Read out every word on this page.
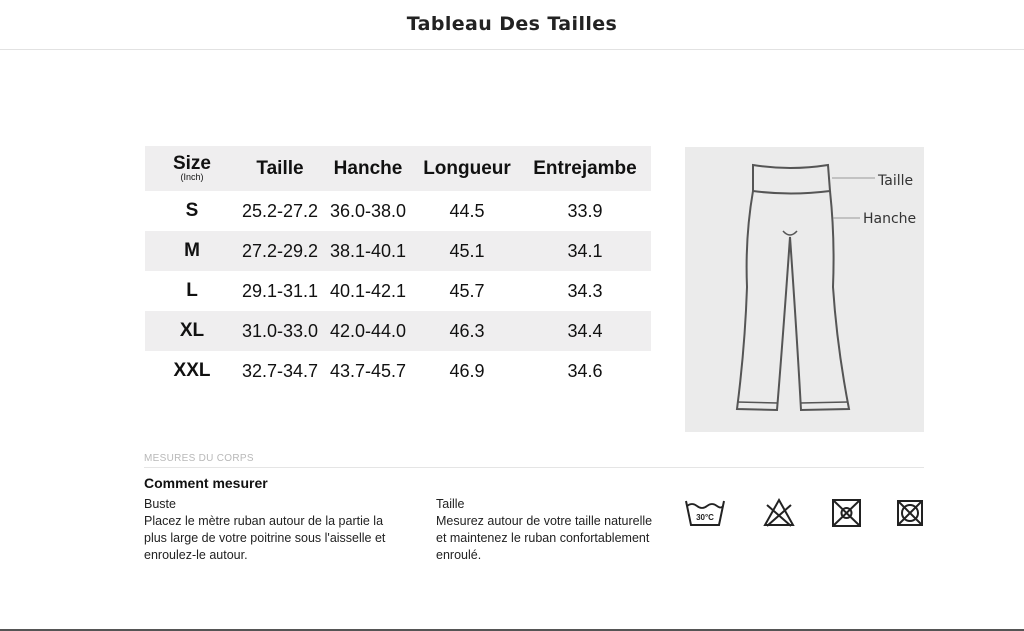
Tableau Des Tailles
Size
(Inch)	Taille	Hanche	Longueur	Entrejambe
S	25.2-27.2	36.0-38.0	44.5	33.9
M	27.2-29.2	38.1-40.1	45.1	34.1
L	29.1-31.1	40.1-42.1	45.7	34.3
XL	31.0-33.0	42.0-44.0	46.3	34.4
XXL	32.7-34.7	43.7-45.7	46.9	34.6
Taille
Hanche
MESURES DU CORPS
Comment mesurer
Buste
Placez le mètre ruban autour de la partie la
plus large de votre poitrine sous l'aisselle et
enroulez-le autour.
Taille
Mesurez autour de votre taille naturelle
et maintenez le ruban confortablement
enroulé.
30°C
